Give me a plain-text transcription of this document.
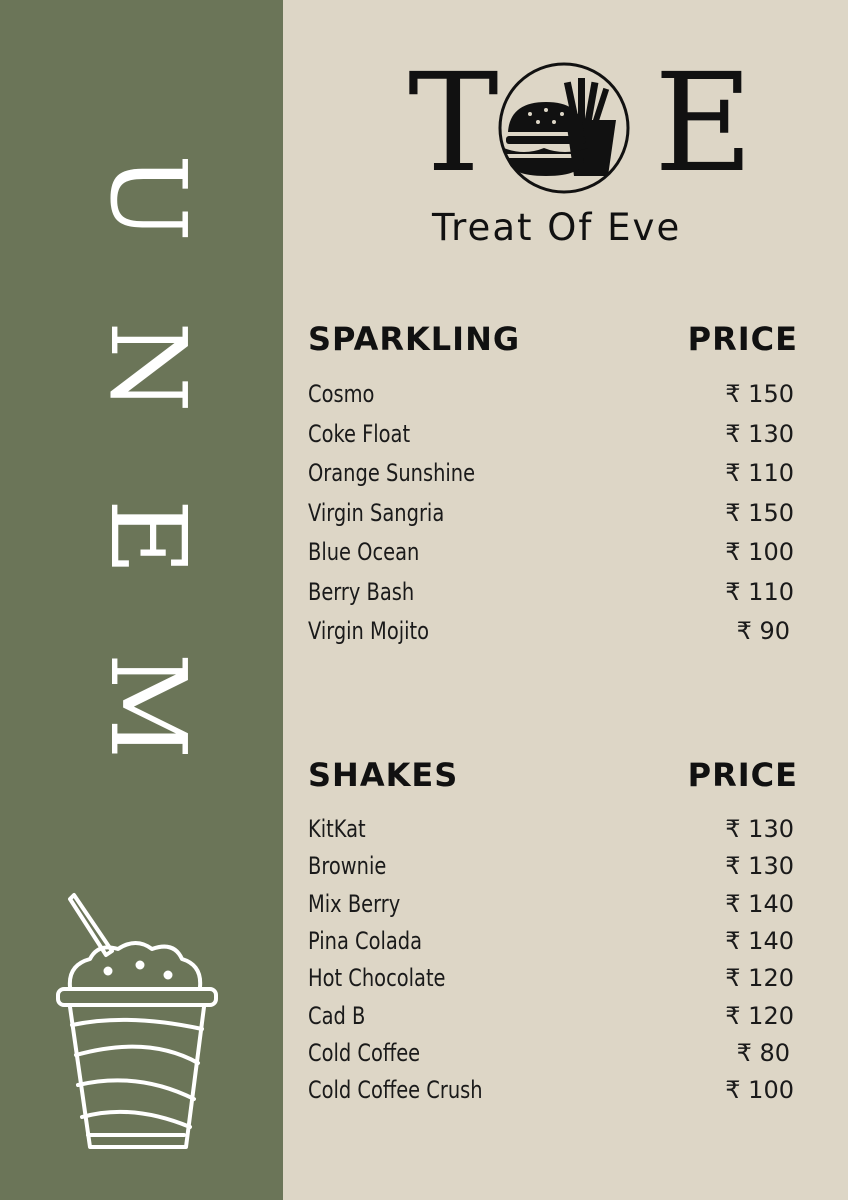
U
N
E
M
T E
Treat Of Eve
SPARKLING	PRICE
Cosmo	₹ 150
Coke Float	₹ 130
Orange Sunshine	₹ 110
Virgin Sangria	₹ 150
Blue Ocean	₹ 100
Berry Bash	₹ 110
Virgin Mojito	₹ 90
SHAKES	PRICE
KitKat	₹ 130
Brownie	₹ 130
Mix Berry	₹ 140
Pina Colada	₹ 140
Hot Chocolate	₹ 120
Cad B	₹ 120
Cold Coffee	₹ 80
Cold Coffee Crush	₹ 100
